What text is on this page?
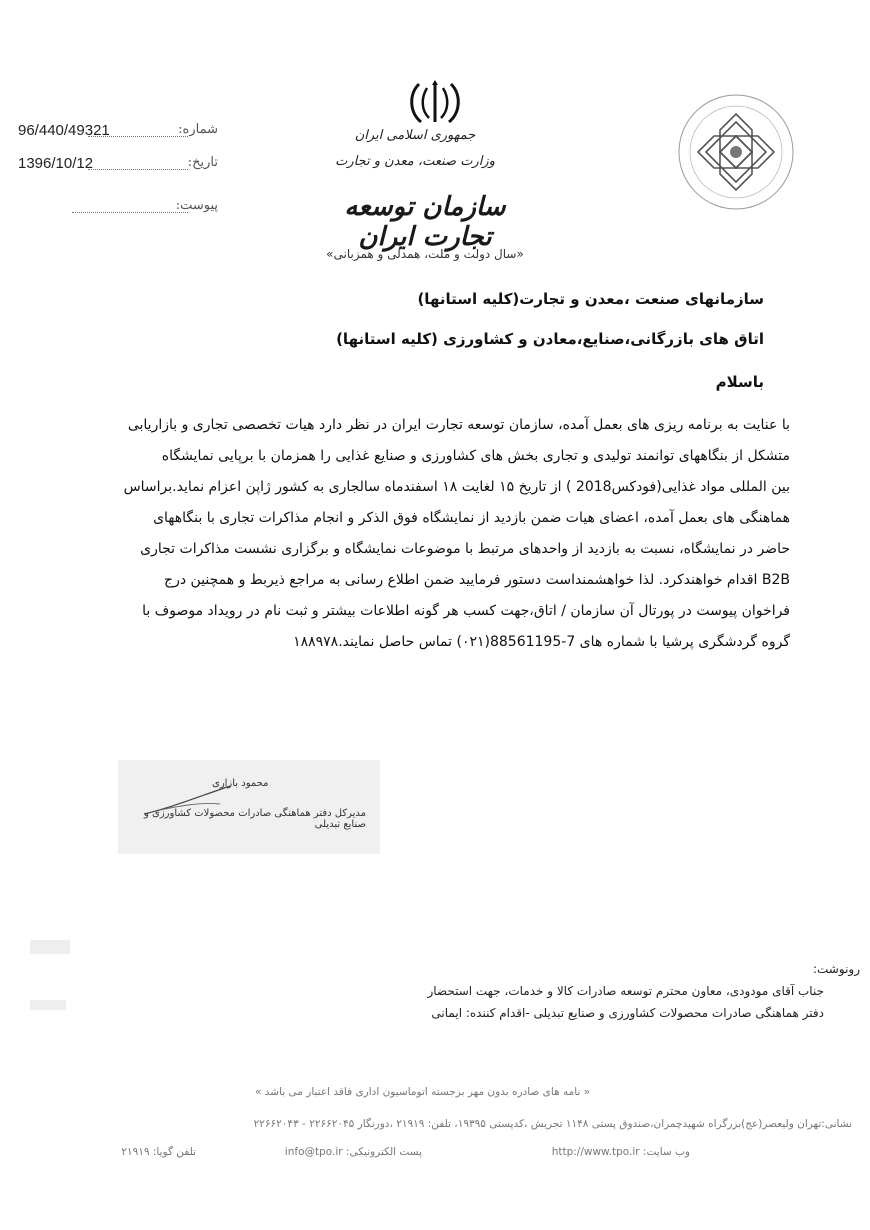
96/440/49321	شماره:
1396/10/12	تاریخ:
پیوست:
جمهوری اسلامی ایران
وزارت صنعت، معدن و تجارت
سازمان توسعه تجارت ایران
«سال دولت و ملت، همدلی و همزبانی»
سازمانهای صنعت ،معدن و تجارت(کلیه استانها)
اتاق های بازرگانی،صنایع،معادن و کشاورزی (کلیه استانها)
باسلام
با عنایت به برنامه ریزی های بعمل آمده، سازمان توسعه تجارت ایران در نظر دارد هیات تخصصی تجاری و بازاریابی
متشکل از بنگاههای توانمند تولیدی و تجاری بخش های کشاورزی و صنایع غذایی را همزمان با برپایی نمایشگاه
بین المللی مواد غذایی(فودکس2018 ) از تاریخ ۱۵ لغایت ۱۸ اسفندماه سالجاری به کشور ژاپن اعزام نماید.براساس
هماهنگی های بعمل آمده، اعضای هیات ضمن بازدید از نمایشگاه فوق الذکر و انجام مذاکرات تجاری با بنگاههای
حاضر در نمایشگاه، نسبت به بازدید از واحدهای مرتبط با موضوعات نمایشگاه و برگزاری نشست مذاکرات تجاری
B2B اقدام خواهندکرد. لذا خواهشمنداست دستور فرمایید ضمن اطلاع رسانی به مراجع ذیربط و همچنین درج
فراخوان پیوست در پورتال آن سازمان / اتاق،جهت کسب هر گونه اطلاعات بیشتر و ثبت نام در رویداد موصوف با
گروه گردشگری پرشیا با شماره های 7-88561195(۰۲۱) تماس حاصل نمایند.۱۸۸۹۷۸
محمود بازاری
مدیرکل دفتر هماهنگی صادرات محصولات کشاورزی و صنایع تبدیلی
رونوشت:
جناب آقای مودودی، معاون محترم توسعه صادرات کالا و خدمات، جهت استحضار
دفتر هماهنگی صادرات محصولات کشاورزی و صنایع تبدیلی -اقدام کننده: ایمانی
« نامه های صادره بدون مهر برجسته اتوماسیون اداری فاقد اعتبار می باشد »
نشانی:تهران ولیعصر(عج)بزرگراه شهیدچمران،صندوق پستی ۱۱۴۸ تجریش ،کدپستی ۱۹۳۹۵، تلفن: ۲۱۹۱۹ ،دورنگار ۲۲۶۶۲۰۴۵ - ۲۲۶۶۲۰۴۳
وب سایت: http://www.tpo.ir
پست الکترونیکی: info@tpo.ir
تلفن گویا: ۲۱۹۱۹
